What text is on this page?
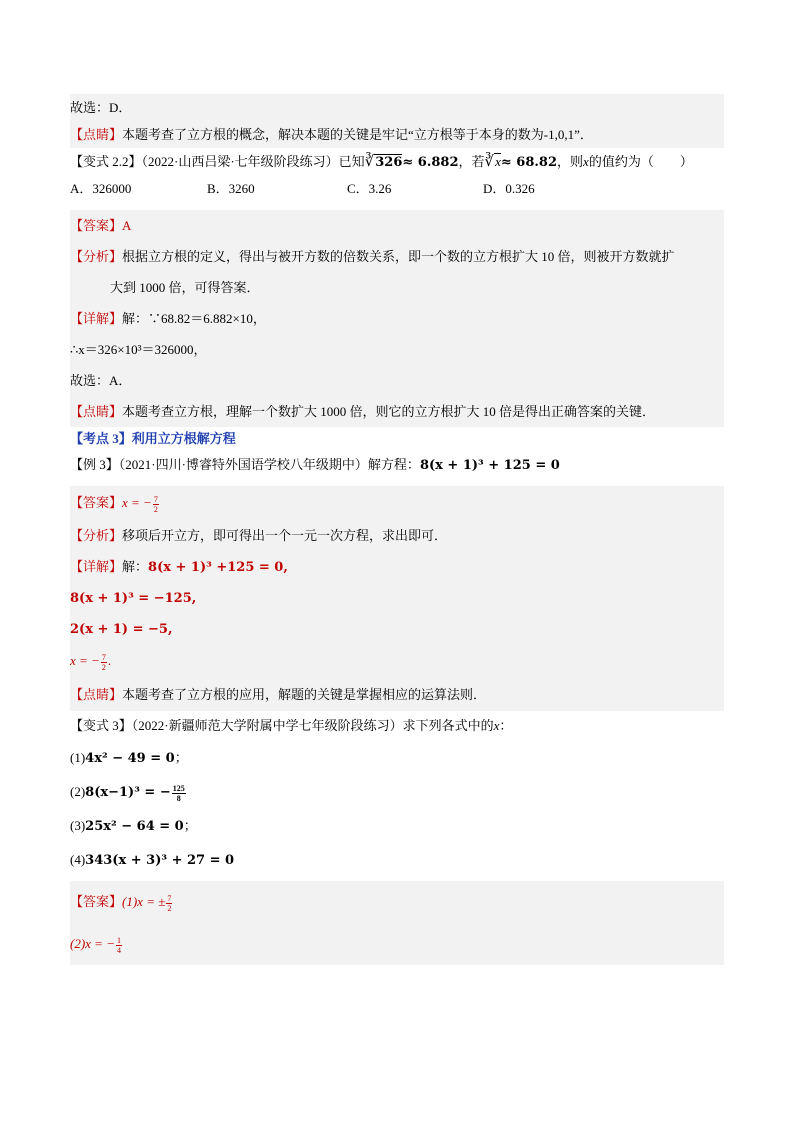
故选：D．
【点睛】本题考查了立方根的概念，解决本题的关键是牢记“立方根等于本身的数为-1,0,1”．
【变式 2.2】（2022·山西吕梁·七年级阶段练习）已知∛326≈ 6.882，若∛x≈ 68.82，则x的值约为（　　）
A．326000	B．3260	C．3.26	D．0.326
【答案】A
【分析】根据立方根的定义，得出与被开方数的倍数关系，即一个数的立方根扩大 10 倍，则被开方数就扩
大到 1000 倍，可得答案．
【详解】解：∵68.82＝6.882×10，
∴x＝326×10³＝326000，
故选：A．
【点睛】本题考查立方根，理解一个数扩大 1000 倍，则它的立方根扩大 10 倍是得出正确答案的关键．
【考点 3】利用立方根解方程
【例 3】（2021·四川·博睿特外国语学校八年级期中）解方程：8(x + 1)³ + 125 = 0
【答案】x = − $\frac{7}{2}$
【分析】移项后开立方，即可得出一个一元一次方程，求出即可．
【详解】解：8(x + 1)³ +125 = 0,
8(x + 1)³ = −125,
2(x + 1) = −5,
x = − $\frac{7}{2}$ .
【点睛】本题考查了立方根的应用，解题的关键是掌握相应的运算法则．
【变式 3】（2022·新疆师范大学附属中学七年级阶段练习）求下列各式中的x：
(1)4x² − 49 = 0；
(2)8(x−1)³ = − $\frac{125}{8}$
(3)25x² − 64 = 0；
(4)343(x + 3)³ + 27 = 0
【答案】(1)x = ± $\frac{7}{2}$
(2)x = − $\frac{1}{4}$
